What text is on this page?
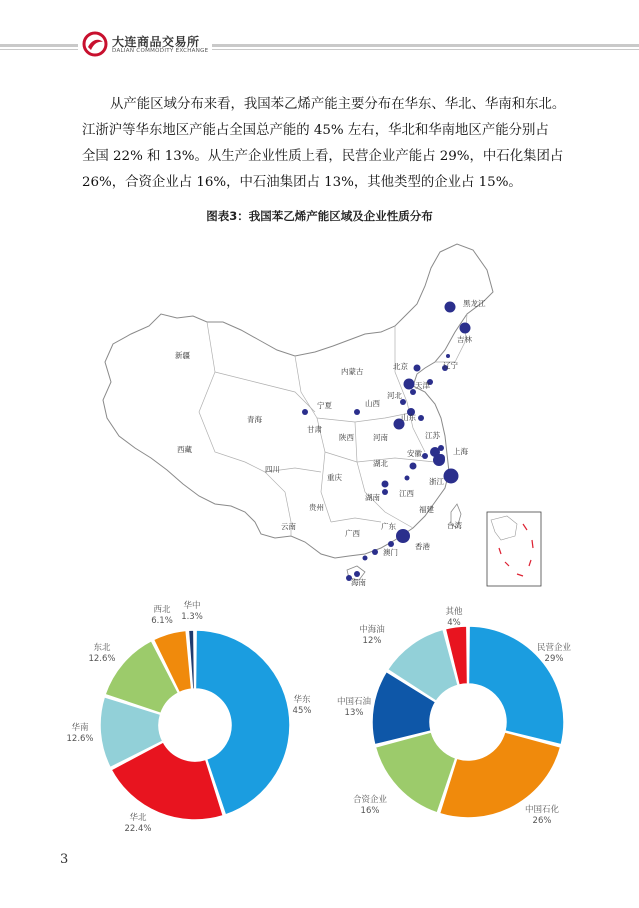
大连商品交易所
DALIAN COMMODITY EXCHANGE
从产能区域分布来看，我国苯乙烯产能主要分布在华东、华北、华南和东北。
江浙沪等华东地区产能占全国总产能的 45% 左右，华北和华南地区产能分别占
全国 22% 和 13%。从生产企业性质上看，民营企业产能占 29%，中石化集团占
26%，合资企业占 16%，中石油集团占 13%，其他类型的企业占 15%。
图表3：我国苯乙烯产能区域及企业性质分布
黑龙江
吉林
辽宁
北京
天津
河北
内蒙古
新疆
青海
西藏
宁夏
甘肃
山西
山东
陕西	河南	江苏
安徽	上海
湖北
四川
重庆	浙江
湖南	江西
贵州	福建
云南
广西
广东	台湾
澳门
香港
海南
华东
45%
华北
22.4%
华南
12.6%
东北
12.6%
西北
6.1%
华中
1.3%
民营企业
29%
中国石化
26%
合资企业
16%
中国石油
13%
中海油
12%
其他
4%
3
